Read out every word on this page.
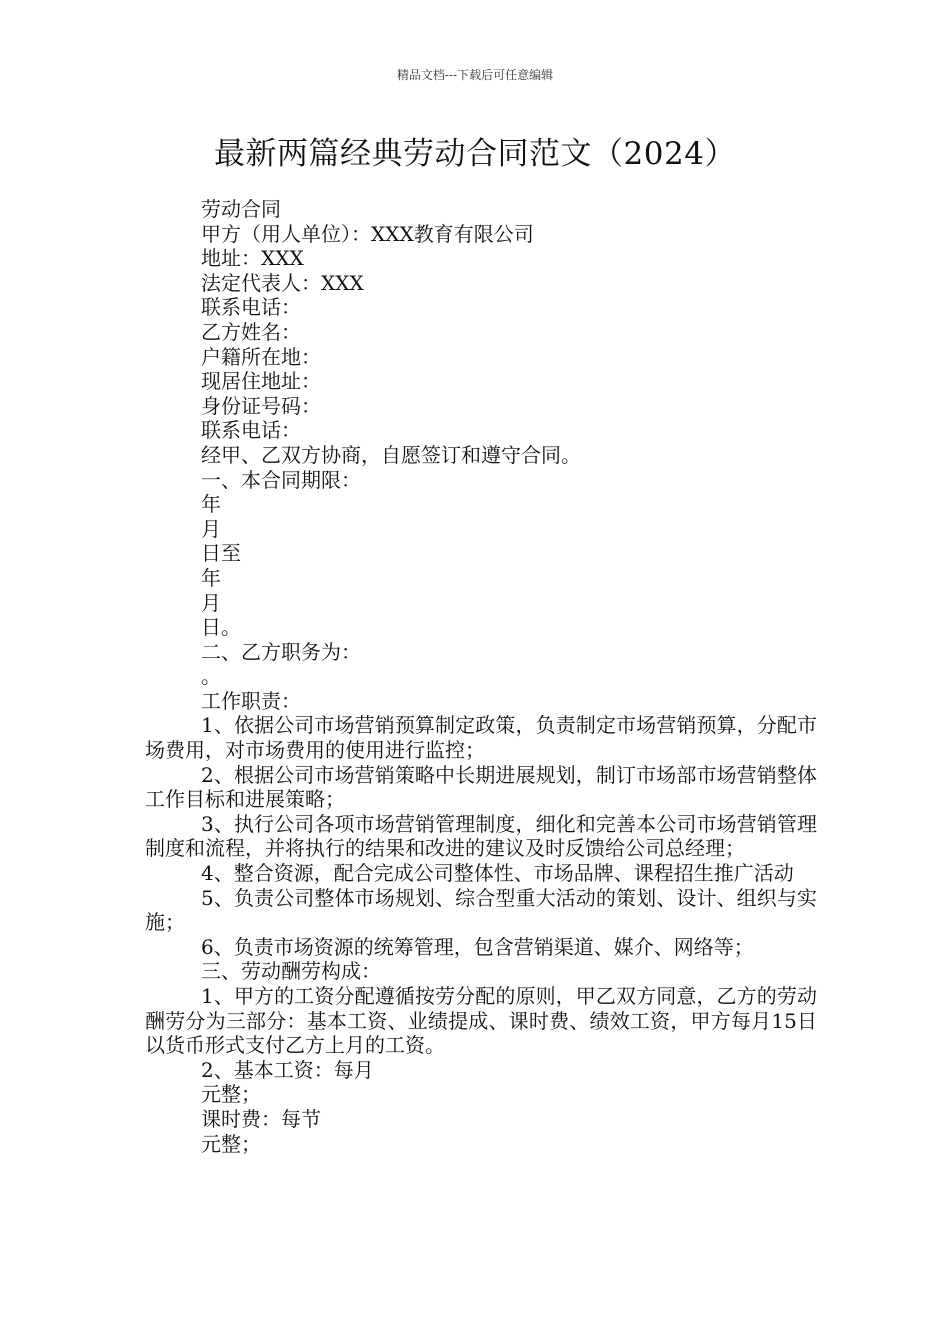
精品文档---下载后可任意编辑
最新两篇经典劳动合同范文（2024）
劳动合同
甲方（用人单位）：XXX教育有限公司
地址：XXX
法定代表人：XXX
联系电话：
乙方姓名：
户籍所在地：
现居住地址：
身份证号码：
联系电话：
经甲、乙双方协商，自愿签订和遵守合同。
一、本合同期限：
年
月
日至
年
月
日。
二、乙方职务为：
。
工作职责：
1、依据公司市场营销预算制定政策，负责制定市场营销预算，分配市场费用，对市场费用的使用进行监控；
2、根据公司市场营销策略中长期进展规划，制订市场部市场营销整体工作目标和进展策略；
3、执行公司各项市场营销管理制度，细化和完善本公司市场营销管理制度和流程，并将执行的结果和改进的建议及时反馈给公司总经理；
4、整合资源，配合完成公司整体性、市场品牌、课程招生推广活动
5、负责公司整体市场规划、综合型重大活动的策划、设计、组织与实施；
6、负责市场资源的统筹管理，包含营销渠道、媒介、网络等；
三、劳动酬劳构成：
1、甲方的工资分配遵循按劳分配的原则，甲乙双方同意，乙方的劳动酬劳分为三部分：基本工资、业绩提成、课时费、绩效工资，甲方每月15日以货币形式支付乙方上月的工资。
2、基本工资：每月
元整；
课时费：每节
元整；
